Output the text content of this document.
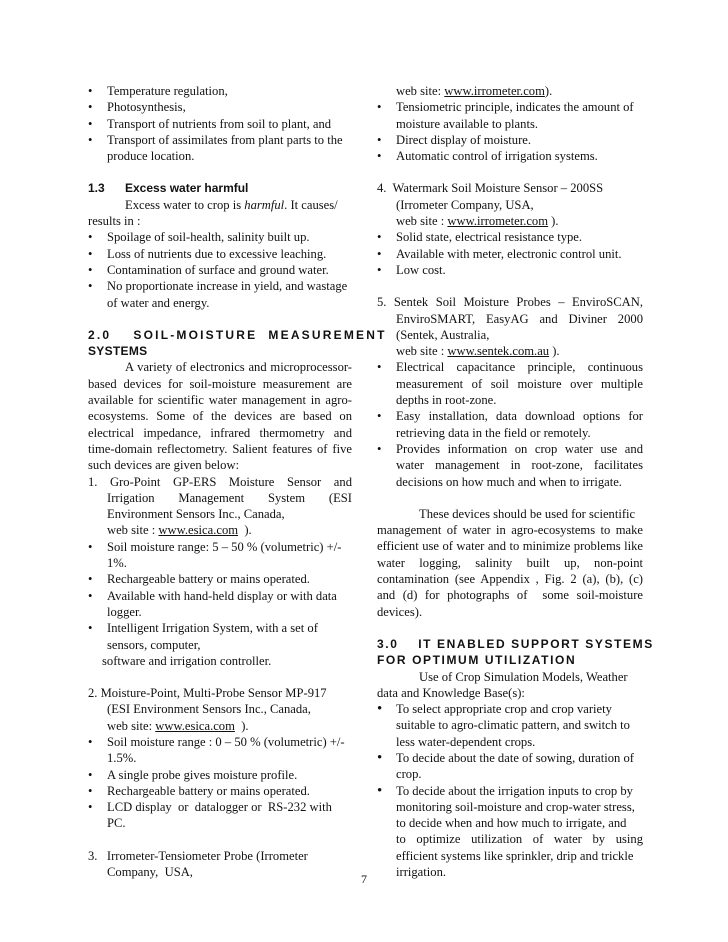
• Temperature regulation,
• Photosynthesis,
• Transport of nutrients from soil to plant, and
• Transport of assimilates from plant parts to the
produce location.
1.3 Excess water harmful
Excess water to crop is harmful. It causes/
results in :
• Spoilage of soil-health, salinity built up.
• Loss of nutrients due to excessive leaching.
• Contamination of surface and ground water.
• No proportionate increase in yield, and wastage
of water and energy.
2.0    SOIL-MOISTURE  MEASUREMENT
SYSTEMS
A variety of electronics and microprocessor-
based devices for soil-moisture measurement are
available for scientific water management in agro-
ecosystems. Some of the devices are based on
electrical impedance, infrared thermometry and
time-domain reflectometry. Salient features of five
such devices are given below:
1. Gro-Point GP-ERS Moisture Sensor and
Irrigation Management System (ESI
Environment Sensors Inc., Canada,
web site : www.esica.com  ).
• Soil moisture range: 5 – 50 % (volumetric) +/-
1%.
• Rechargeable battery or mains operated.
• Available with hand-held display or with data
logger.
• Intelligent Irrigation System, with a set of
sensors, computer,
software and irrigation controller.
2. Moisture-Point, Multi-Probe Sensor MP-917
(ESI Environment Sensors Inc., Canada,
web site: www.esica.com  ).
• Soil moisture range : 0 – 50 % (volumetric) +/-
1.5%.
• A single probe gives moisture profile.
• Rechargeable battery or mains operated.
• LCD display  or  datalogger or  RS-232 with
PC.
3.   Irrometer-Tensiometer Probe (Irrometer
Company,  USA,
web site: www.irrometer.com).
• Tensiometric principle, indicates the amount of
moisture available to plants.
• Direct display of moisture.
• Automatic control of irrigation systems.
4.  Watermark Soil Moisture Sensor – 200SS
(Irrometer Company, USA,
web site : www.irrometer.com ).
• Solid state, electrical resistance type.
• Available with meter, electronic control unit.
• Low cost.
5. Sentek Soil Moisture Probes – EnviroSCAN,
EnviroSMART, EasyAG and Diviner 2000
(Sentek, Australia,
web site : www.sentek.com.au ).
• Electrical capacitance principle, continuous
measurement of soil moisture over multiple
depths in root-zone.
• Easy installation, data download options for
retrieving data in the field or remotely.
• Provides information on crop water use and
water management in root-zone, facilitates
decisions on how much and when to irrigate.
These devices should be used for scientific
management of water in agro-ecosystems to make
efficient use of water and to minimize problems like
water logging, salinity built up, non-point
contamination (see Appendix , Fig. 2 (a), (b), (c)
and (d) for photographs of  some soil-moisture
devices).
3.0    IT ENABLED SUPPORT SYSTEMS
FOR OPTIMUM UTILIZATION
Use of Crop Simulation Models, Weather
data and Knowledge Base(s):
• To select appropriate crop and crop variety
suitable to agro-climatic pattern, and switch to
less water-dependent crops.
• To decide about the date of sowing, duration of
crop.
• To decide about the irrigation inputs to crop by
monitoring soil-moisture and crop-water stress,
to decide when and how much to irrigate, and
to optimize utilization of water by using
efficient systems like sprinkler, drip and trickle
irrigation.
7
